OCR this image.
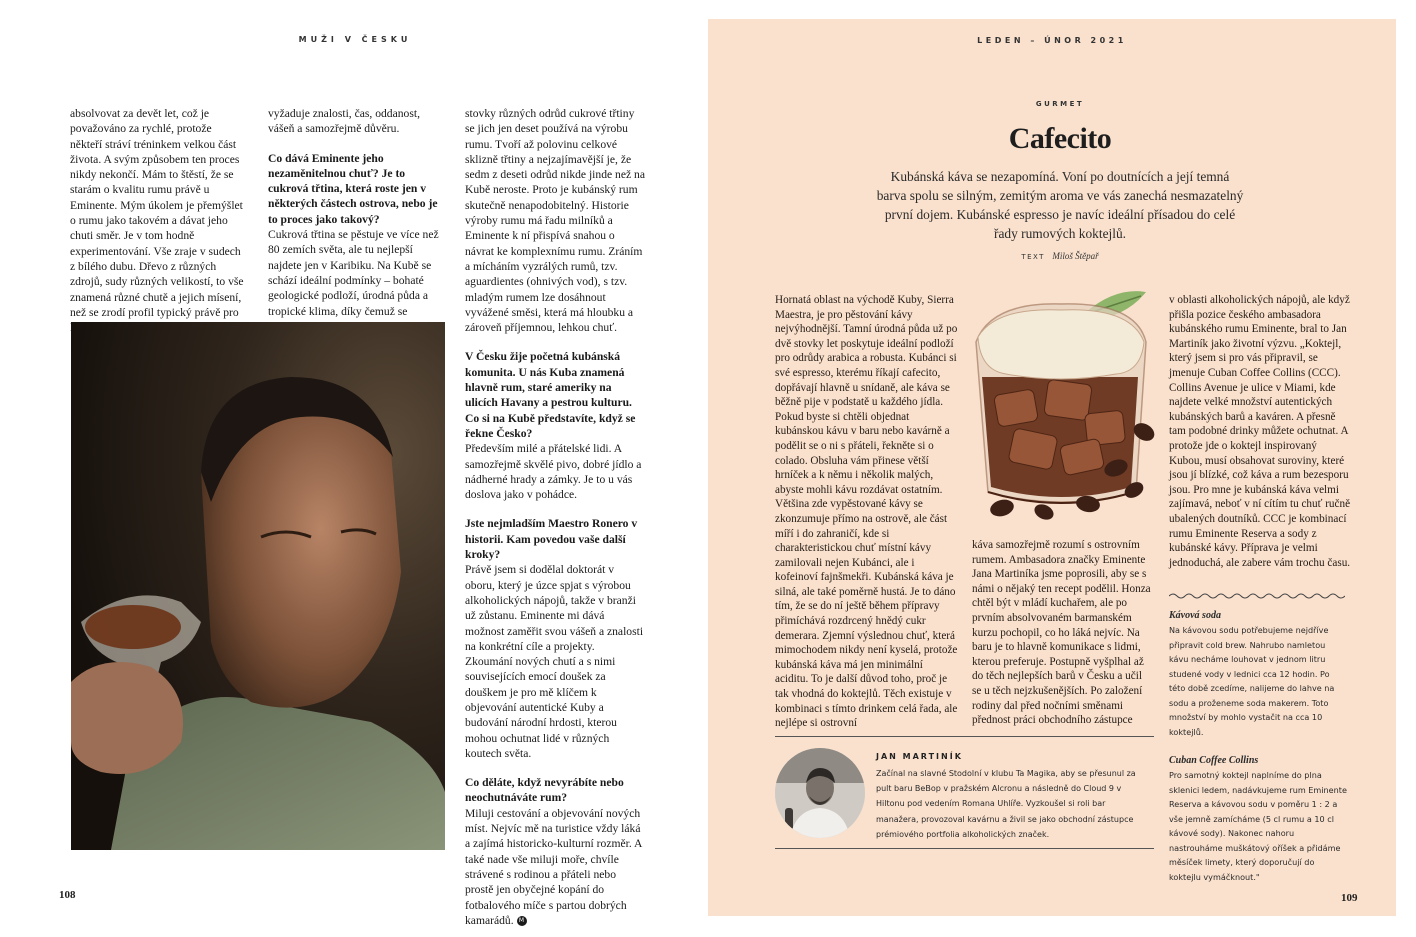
MUŽI V ČESKU

absolvovat za devět let, což je považováno za rychlé, protože někteří stráví tréninkem velkou část života. A svým způsobem ten proces nikdy nekončí. Mám to štěstí, že se starám o kvalitu rumu právě u Eminente. Mým úkolem je přemýšlet o rumu jako takovém a dávat jeho chuti směr. Je v tom hodně experimentování. Vše zraje v sudech z bílého dubu. Dřevo z různých zdrojů, sudy různých velikostí, to vše znamená různé chutě a jejich mísení, než se zrodí profil typický právě pro

vyžaduje znalosti, čas, oddanost, vášeň a samozřejmě důvěru.

Co dává Eminente jeho nezaměnitelnou chuť? Je to cukrová třtina, která roste jen v některých částech ostrova, nebo je to proces jako takový?

Cukrová třtina se pěstuje ve více než 80 zemích světa, ale tu nejlepší najdete jen v Karibiku. Na Kubě se schází ideální podmínky – bohaté geologické podloží, úrodná půda a tropické klima, díky čemuž se

stovky různých odrůd cukrové třtiny se jich jen deset používá na výrobu rumu. Tvoří až polovinu celkové sklizně třtiny a nejzajímavější je, že sedm z deseti odrůd nikde jinde než na Kubě neroste. Proto je kubánský rum skutečně nenapodobitelný. Historie výroby rumu má řadu milníků a Eminente k ní přispívá snahou o návrat ke komplexnímu rumu. Zráním a mícháním vyzrálých rumů, tzv. aguardientes (ohnivých vod), s tzv. mladým rumem lze dosáhnout vyvážené směsi, která má hloubku a zároveň příjemnou, lehkou chuť.

V Česku žije početná kubánská komunita. U nás Kuba znamená hlavně rum, staré ameriky na ulicích Havany a pestrou kulturu. Co si na Kubě představíte, když se řekne Česko?

Především milé a přátelské lidi. A samozřejmě skvělé pivo, dobré jídlo a nádherné hrady a zámky. Je to u vás doslova jako v pohádce.

Jste nejmladším Maestro Ronero v historii. Kam povedou vaše další kroky?

Právě jsem si dodělal doktorát v oboru, který je úzce spjat s výrobou alkoholických nápojů, takže v branži už zůstanu. Eminente mi dává možnost zaměřit svou vášeň a znalosti na konkrétní cíle a projekty. Zkoumání nových chutí a s nimi souvisejících emocí doušek za douškem je pro mě klíčem k objevování autentické Kuby a budování národní hrdosti, kterou mohou ochutnat lidé v různých koutech světa.

Co děláte, když nevyrábíte nebo neochutnáváte rum?

Miluji cestování a objevování nových míst. Nejvíc mě na turistice vždy láká a zajímá historicko-kulturní rozměr. A také nade vše miluji moře, chvíle strávené s rodinou a přáteli nebo prostě jen obyčejné kopání do fotbalového míče s partou dobrých kamarádů. M

108
LEDEN – ÚNOR 2021
GURMET
Cafecito
Kubánská káva se nezapomíná. Voní po doutnících a její temná barva spolu se silným, zemitým aroma ve vás zanechá nesmazatelný první dojem. Kubánské espresso je navíc ideální přísadou do celé řady rumových koktejlů.
TEXT Miloš Štěpař
Hornatá oblast na východě Kuby, Sierra Maestra, je pro pěstování kávy nejvýhodnější. Tamní úrodná půda už po dvě stovky let poskytuje ideální podloží pro odrůdy arabica a robusta. Kubánci si své espresso, kterému říkají cafecito, dopřávají hlavně u snídaně, ale káva se běžně pije v podstatě u každého jídla. Pokud byste si chtěli objednat kubánskou kávu v baru nebo kavárně a podělit se o ni s přáteli, řekněte si o colado. Obsluha vám přinese větší hrníček a k němu i několik malých, abyste mohli kávu rozdávat ostatním. Většina zde vypěstované kávy se zkonzumuje přímo na ostrově, ale část míří i do zahraničí, kde si charakteristickou chuť místní kávy zamilovali nejen Kubánci, ale i kofeinoví fajnšmekři. Kubánská káva je silná, ale také poměrně hustá. Je to dáno tím, že se do ní ještě během přípravy přimíchává rozdrcený hnědý cukr demerara. Zjemní výslednou chuť, která mimochodem nikdy není kyselá, protože kubánská káva má jen minimální aciditu. To je další důvod toho, proč je tak vhodná do koktejlů. Těch existuje v kombinaci s tímto drinkem celá řada, ale nejlépe si ostrovní
káva samozřejmě rozumí s ostrovním rumem. Ambasadora značky Eminente Jana Martiníka jsme poprosili, aby se s námi o nějaký ten recept podělil. Honza chtěl být v mládí kuchařem, ale po prvním absolvovaném barmanském kurzu pochopil, co ho láká nejvíc. Na baru je to hlavně komunikace s lidmi, kterou preferuje. Postupně vyšplhal až do těch nejlepších barů v Česku a učil se u těch nejzkušenějších. Po založení rodiny dal před nočními směnami přednost práci obchodního zástupce
v oblasti alkoholických nápojů, ale když přišla pozice českého ambasadora kubánského rumu Eminente, bral to Jan Martiník jako životní výzvu. „Koktejl, který jsem si pro vás připravil, se jmenuje Cuban Coffee Collins (CCC). Collins Avenue je ulice v Miami, kde najdete velké množství autentických kubánských barů a kaváren. A přesně tam podobné drinky můžete ochutnat. A protože jde o koktejl inspirovaný Kubou, musí obsahovat suroviny, které jsou jí blízké, což káva a rum bezesporu jsou. Pro mne je kubánská káva velmi zajímavá, neboť v ní cítím tu chuť ručně ubalených doutníků. CCC je kombinací rumu Eminente Reserva a sody z kubánské kávy. Příprava je velmi jednoduchá, ale zabere vám trochu času.
Kávová soda

Na kávovou sodu potřebujeme nejdříve připravit cold brew. Nahrubo namletou kávu necháme louhovat v jednom litru studené vody v lednici cca 12 hodin. Po této době zcedíme, nalijeme do lahve na sodu a proženeme soda makerem. Toto množství by mohlo vystačit na cca 10 koktejlů.

Cuban Coffee Collins

Pro samotný koktejl naplníme do plna sklenici ledem, nadávkujeme rum Eminente Reserva a kávovou sodu v poměru 1 : 2 a vše jemně zamícháme (5 cl rumu a 10 cl kávové sody). Nakonec nahoru nastrouháme muškátový oříšek a přidáme měsíček limety, který doporučují do koktejlu vymáčknout."

JAN MARTINÍK
Začínal na slavné Stodolní v klubu Ta Magika, aby se přesunul za pult baru BeBop v pražském Alcronu a následně do Cloud 9 v Hiltonu pod vedením Romana Uhlíře. Vyzkoušel si roli bar manažera, provozoval kavárnu a živil se jako obchodní zástupce prémiového portfolia alkoholických značek.
109
